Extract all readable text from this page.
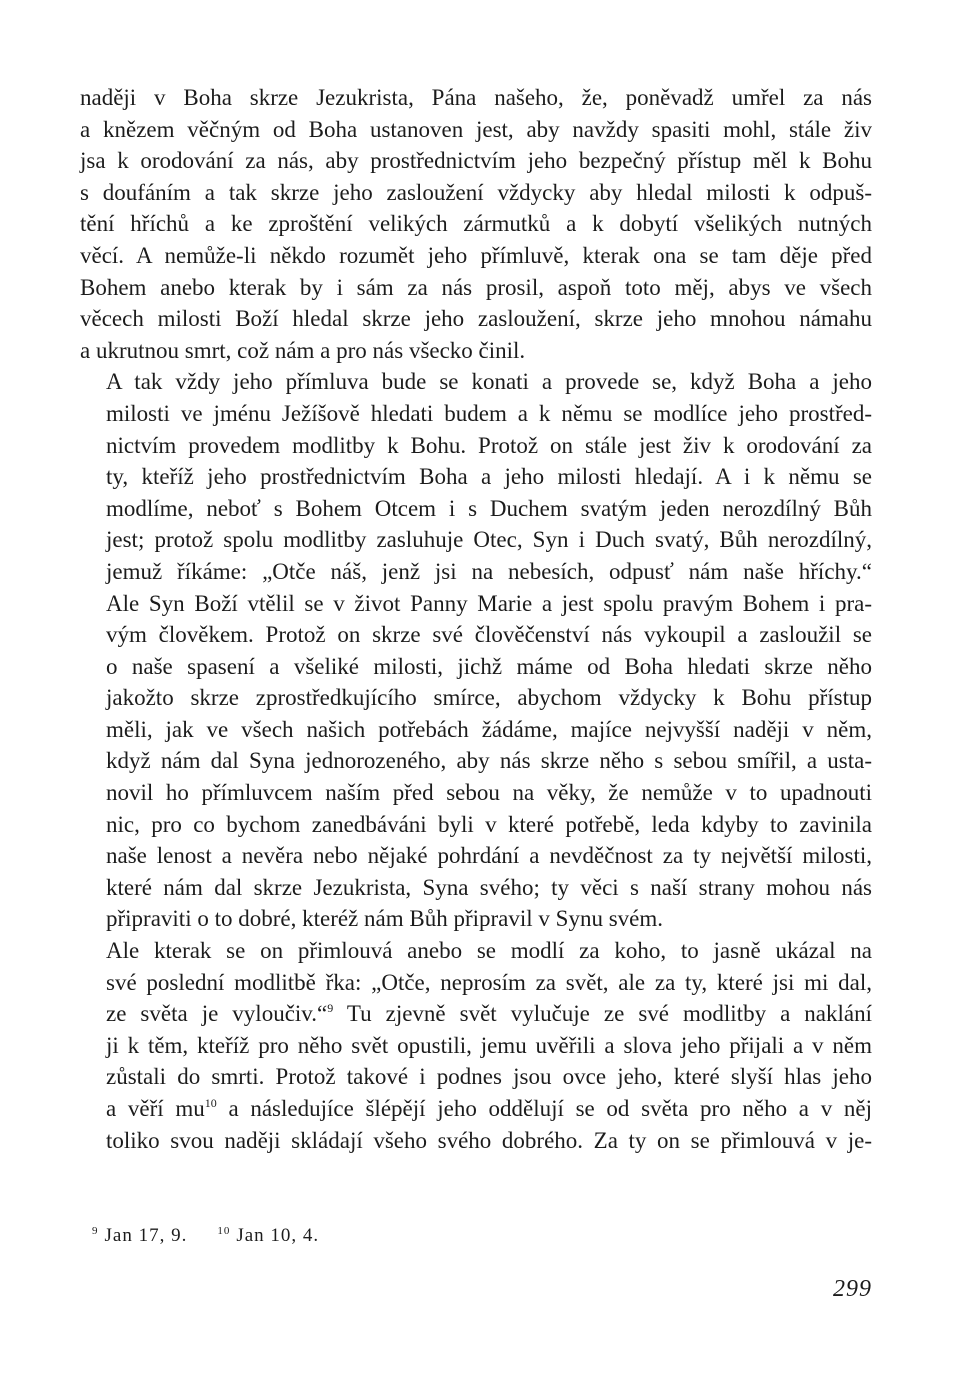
naději v Boha skrze Jezukrista, Pána našeho, že, poněvadž umřel za nás
a knězem věčným od Boha ustanoven jest, aby navždy spasiti mohl, stále živ
jsa k orodování za nás, aby prostřednictvím jeho bezpečný přístup měl k Bohu
s doufáním a tak skrze jeho zasloužení vždycky aby hledal milosti k odpuš-
tění hříchů a ke zproštění velikých zármutků a k dobytí všelikých nutných
věcí. A nemůže-li někdo rozumět jeho přímluvě, kterak ona se tam děje před
Bohem anebo kterak by i sám za nás prosil, aspoň toto měj, abys ve všech
věcech milosti Boží hledal skrze jeho zasloužení, skrze jeho mnohou námahu
a ukrutnou smrt, což nám a pro nás všecko činil.
A tak vždy jeho přímluva bude se konati a provede se, když Boha a jeho
milosti ve jménu Ježíšově hledati budem a k němu se modlíce jeho prostřed-
nictvím provedem modlitby k Bohu. Protož on stále jest živ k orodování za
ty, kteříž jeho prostřednictvím Boha a jeho milosti hledají. A i k němu se
modlíme, neboť s Bohem Otcem i s Duchem svatým jeden nerozdílný Bůh
jest; protož spolu modlitby zasluhuje Otec, Syn i Duch svatý, Bůh nerozdílný,
jemuž říkáme: „Otče náš, jenž jsi na nebesích, odpusť nám naše hříchy.“
Ale Syn Boží vtělil se v život Panny Marie a jest spolu pravým Bohem i pra-
vým člověkem. Protož on skrze své člověčenství nás vykoupil a zasloužil se
o naše spasení a všeliké milosti, jichž máme od Boha hledati skrze něho
jakožto skrze zprostředkujícího smírce, abychom vždycky k Bohu přístup
měli, jak ve všech našich potřebách žádáme, majíce nejvyšší naději v něm,
když nám dal Syna jednorozeného, aby nás skrze něho s sebou smířil, a usta-
novil ho přímluvcem naším před sebou na věky, že nemůže v to upadnouti
nic, pro co bychom zanedbáváni byli v které potřebě, leda kdyby to zavinila
naše lenost a nevěra nebo nějaké pohrdání a nevděčnost za ty největší milosti,
které nám dal skrze Jezukrista, Syna svého; ty věci s naší strany mohou nás
připraviti o to dobré, kteréž nám Bůh připravil v Synu svém.
Ale kterak se on přimlouvá anebo se modlí za koho, to jasně ukázal na
své poslední modlitbě řka: „Otče, neprosím za svět, ale za ty, které jsi mi dal,
ze světa je vyloučiv.“$^9$ Tu zjevně svět vylučuje ze své modlitby a naklání
ji k těm, kteříž pro něho svět opustili, jemu uvěřili a slova jeho přijali a v něm
zůstali do smrti. Protož takové i podnes jsou ovce jeho, které slyší hlas jeho
a věří $mu^{10}$ a následujíce šlépějí jeho oddělují se od světa pro něho a v něj
toliko svou naději skládají všeho svého dobrého. Za ty on se přimlouvá v je-
$^9$ Jan 17, 9.	$^{10}$ Jan 10, 4.
299
